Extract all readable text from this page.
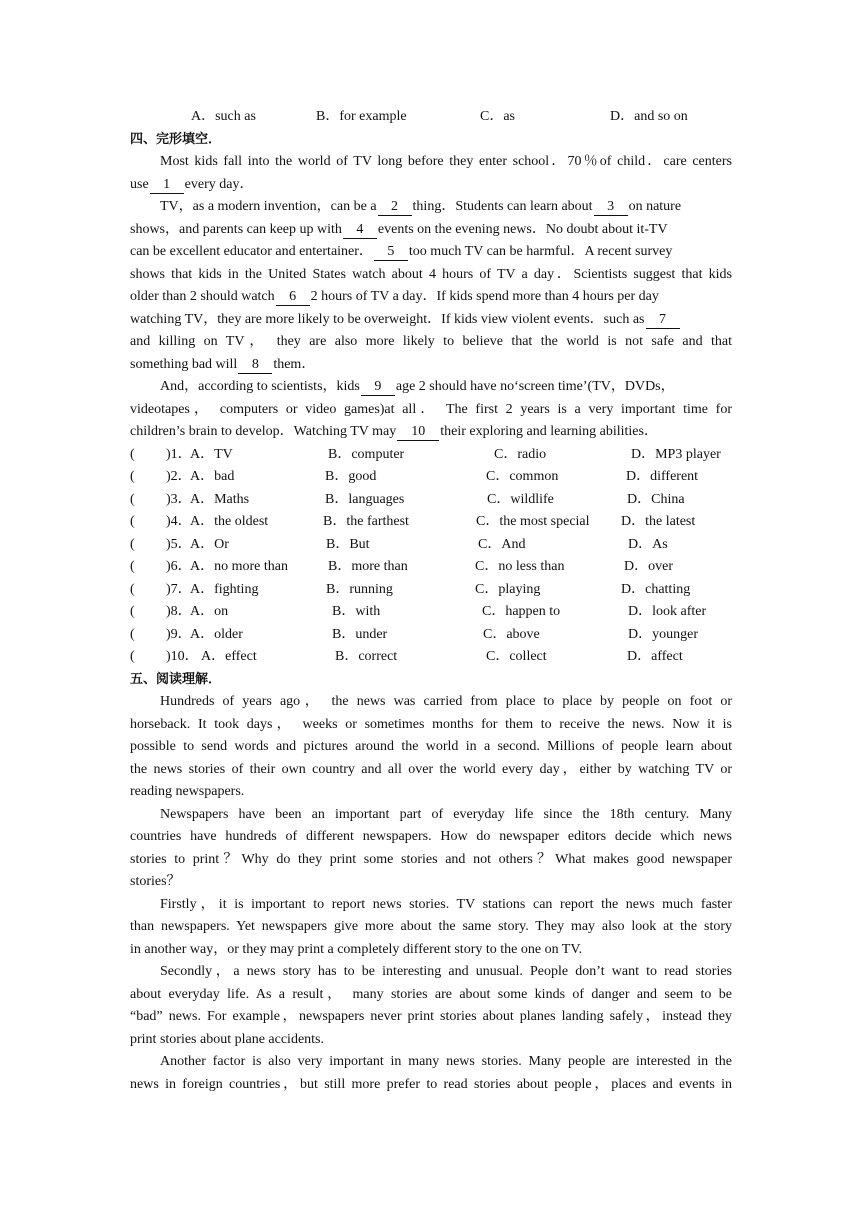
A．such as	B．for example	C．as	D．and so on
四、完形填空．
Most kids fall into the world of TV long before they enter school．70％of child．care centers
use 1 every day．
TV，as a modern invention，can be a 2 thing．Students can learn about 3 on nature
shows，and parents can keep up with 4 events on the evening news．No doubt about it-TV
can be excellent educator and entertainer． 5 too much TV can be harmful．A recent survey
shows that kids in the United States watch about 4 hours of TV a day．Scientists suggest that kids
older than 2 should watch 6 2 hours of TV a day．If kids spend more than 4 hours per day
watching TV，they are more likely to be overweight．If kids view violent events．such as 7
and killing on TV， they are also more likely to believe that the world is not safe and that
something bad will 8 them．
And，according to scientists，kids 9 age 2 should have no‘screen time’(TV，DVDs，
videotapes， computers or video games)at all． The first 2 years is a very important time for
children’s brain to develop．Watching TV may 10 their exploring and learning abilities．
( )1．
A．TV	B．computer	C．radio	D．MP3 player
( )2．
A．bad	B．good	C．common	D．different
( )3．
A．Maths	B．languages	C．wildlife	D．China
( )4．
A．the oldest	B．the farthest	C．the most special D．the latest
( )5．
A．Or	B．But	C．And	D．As
( )6．
A．no more than	B．more than	C．no less than	D．over
( )7．
A．fighting	B．running	C．playing	D．chatting
( )8．
A．on	B．with	C．happen to	D．look after
( )9．
A．older	B．under	C．above	D．younger
( )10． A．effect	B．correct	C．collect	D．affect
五、阅读理解．
Hundreds of years ago， the news was carried from place to place by people on foot or
horseback. It took days， weeks or sometimes months for them to receive the news. Now it is
possible to send words and pictures around the world in a second. Millions of people learn about
the news stories of their own country and all over the world every day，either by watching TV or
reading newspapers.
Newspapers have been an important part of everyday life since the 18th century. Many
countries have hundreds of different newspapers. How do newspaper editors decide which news
stories to print？Why do they print some stories and not others？What makes good newspaper
stories？
Firstly，it is important to report news stories. TV stations can report the news much faster
than newspapers. Yet newspapers give more about the same story. They may also look at the story
in another way，or they may print a completely different story to the one on TV.
Secondly，a news story has to be interesting and unusual. People don’t want to read stories
about everyday life. As a result， many stories are about some kinds of danger and seem to be
“bad” news. For example，newspapers never print stories about planes landing safely，instead they
print stories about plane accidents.
Another factor is also very important in many news stories. Many people are interested in the
news in foreign countries，but still more prefer to read stories about people，places and events in
